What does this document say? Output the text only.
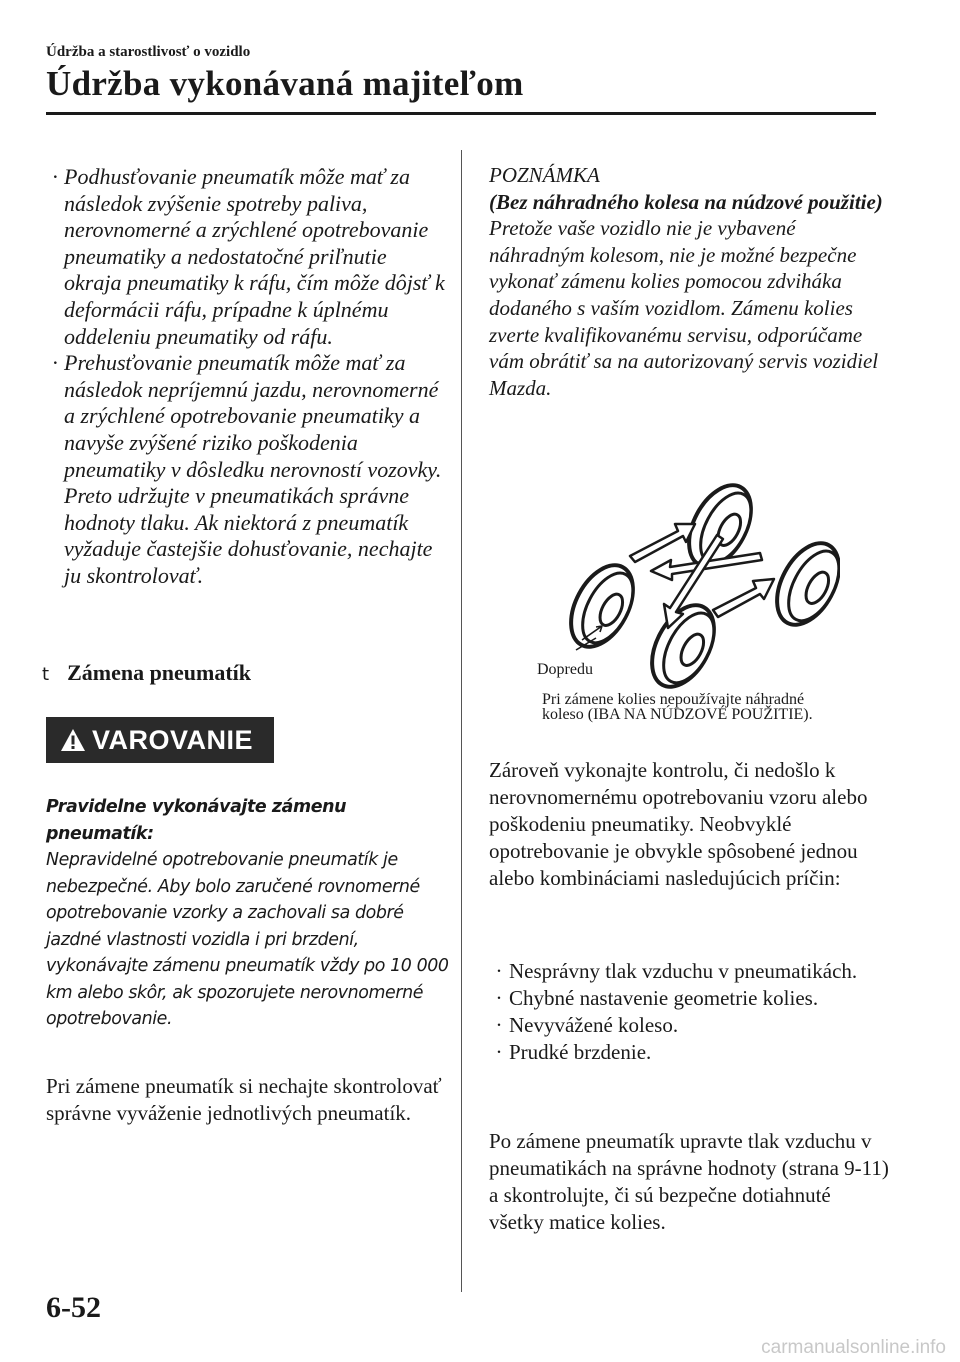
Údržba a starostlivosť o vozidlo
Údržba vykonávaná majiteľom
· Podhusťovanie pneumatík môže mať za následok zvýšenie spotreby paliva, nerovnomerné a zrýchlené opotrebovanie pneumatiky a nedostatočné priľnutie okraja pneumatiky k ráfu, čím môže dôjsť k deformácii ráfu, prípadne k úplnému oddeleniu pneumatiky od ráfu.
· Prehusťovanie pneumatík môže mať za následok nepríjemnú jazdu, nerovnomerné a zrýchlené opotrebovanie pneumatiky a navyše zvýšené riziko poškodenia pneumatiky v dôsledku nerovností vozovky. Preto udržujte v pneumatikách správne hodnoty tlaku. Ak niektorá z pneumatík vyžaduje častejšie dohusťovanie, nechajte ju skontrolovať.
t Zámena pneumatík
VAROVANIE
Pravidelne vykonávajte zámenu pneumatík:
Nepravidelné opotrebovanie pneumatík je nebezpečné. Aby bolo zaručené rovnomerné opotrebovanie vzorky a zachovali sa dobré jazdné vlastnosti vozidla i pri brzdení, vykonávajte zámenu pneumatík vždy po 10 000 km alebo skôr, ak spozorujete nerovnomerné opotrebovanie.
Pri zámene pneumatík si nechajte skontrolovať správne vyváženie jednotlivých pneumatík.
POZNÁMKA
(Bez náhradného kolesa na núdzové použitie)
Pretože vaše vozidlo nie je vybavené náhradným kolesom, nie je možné bezpečne vykonať zámenu kolies pomocou zdviháka dodaného s vaším vozidlom. Zámenu kolies zverte kvalifikovanému servisu, odporúčame vám obrátiť sa na autorizovaný servis vozidiel Mazda.
Dopredu
Pri zámene kolies nepoužívajte náhradné koleso (IBA NA NÚDZOVÉ POUŽITIE).
Zároveň vykonajte kontrolu, či nedošlo k nerovnomernému opotrebovaniu vzoru alebo poškodeniu pneumatiky. Neobvyklé opotrebovanie je obvykle spôsobené jednou alebo kombináciami nasledujúcich príčin:
· Nesprávny tlak vzduchu v pneumatikách.
· Chybné nastavenie geometrie kolies.
· Nevyvážené koleso.
· Prudké brzdenie.
Po zámene pneumatík upravte tlak vzduchu v pneumatikách na správne hodnoty (strana 9-11) a skontrolujte, či sú bezpečne dotiahnuté všetky matice kolies.
6-52
carmanualsonline.info
